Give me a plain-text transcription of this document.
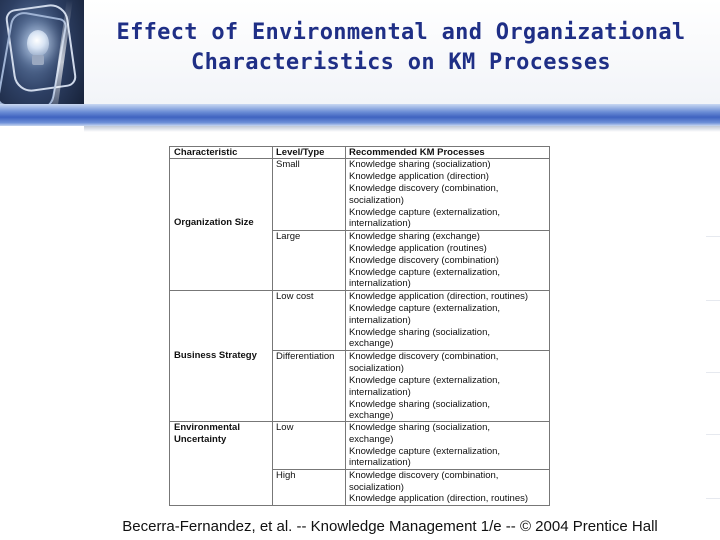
Effect of Environmental and Organizational
Characteristics on KM Processes
Characteristic	Level/Type	Recommended KM Processes
Organization Size
Business Strategy
Environmental
Uncertainty
Small
Large
Low cost
Differentiation
Low
High
Knowledge sharing (socialization)
Knowledge application (direction)
Knowledge discovery (combination,
socialization)
Knowledge capture (externalization,
internalization)
Knowledge sharing (exchange)
Knowledge application (routines)
Knowledge discovery (combination)
Knowledge capture (externalization,
internalization)
Knowledge application (direction, routines)
Knowledge capture (externalization,
internalization)
Knowledge sharing (socialization,
exchange)
Knowledge discovery (combination,
socialization)
Knowledge capture (externalization,
internalization)
Knowledge sharing (socialization,
exchange)
Knowledge sharing (socialization,
exchange)
Knowledge capture (externalization,
internalization)
Knowledge discovery (combination,
socialization)
Knowledge application (direction, routines)
Becerra-Fernandez, et al. -- Knowledge Management 1/e -- © 2004 Prentice Hall
